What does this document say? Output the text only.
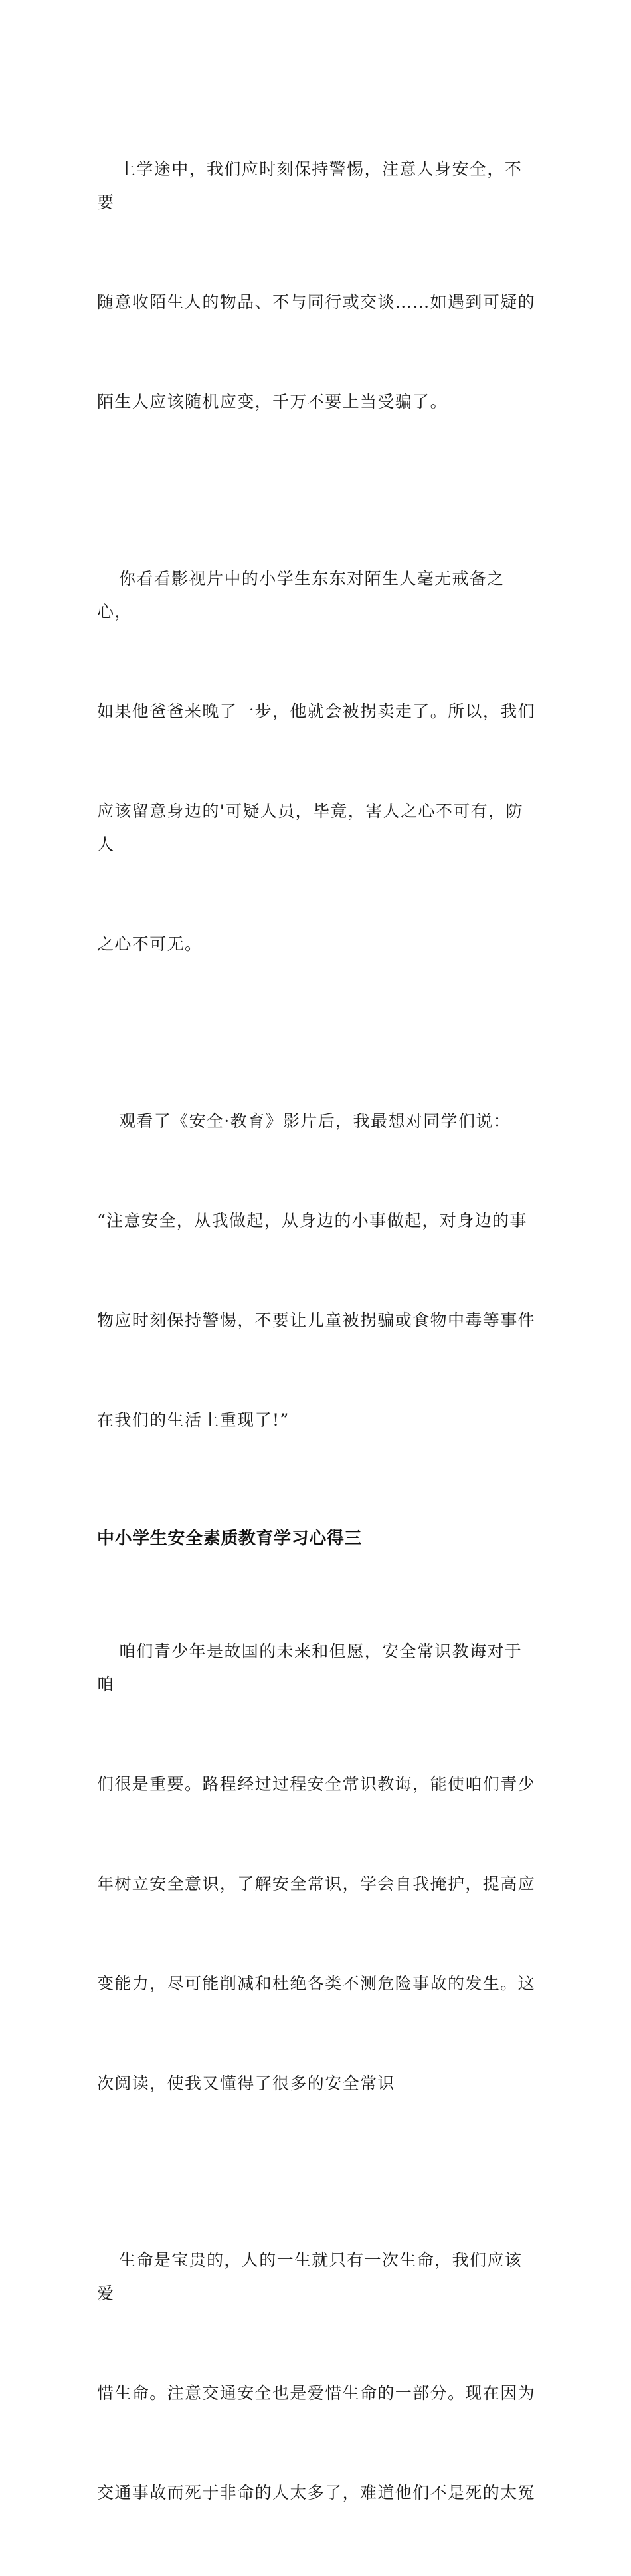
上学途中，我们应时刻保持警惕，注意人身安全，不要

随意收陌生人的物品、不与同行或交谈……如遇到可疑的

陌生人应该随机应变，千万不要上当受骗了。

你看看影视片中的小学生东东对陌生人毫无戒备之心，

如果他爸爸来晚了一步，他就会被拐卖走了。所以，我们

应该留意身边的'可疑人员，毕竟，害人之心不可有，防人

之心不可无。

观看了《安全·教育》影片后，我最想对同学们说：

“注意安全，从我做起，从身边的小事做起，对身边的事

物应时刻保持警惕，不要让儿童被拐骗或食物中毒等事件

在我们的生活上重现了!”

中小学生安全素质教育学习心得三

咱们青少年是故国的未来和但愿，安全常识教诲对于咱

们很是重要。路程经过过程安全常识教诲，能使咱们青少

年树立安全意识，了解安全常识，学会自我掩护，提高应

变能力，尽可能削减和杜绝各类不测危险事故的发生。这

次阅读，使我又懂得了很多的安全常识

生命是宝贵的，人的一生就只有一次生命，我们应该爱

惜生命。注意交通安全也是爱惜生命的一部分。现在因为

交通事故而死于非命的人太多了，难道他们不是死的太冤
